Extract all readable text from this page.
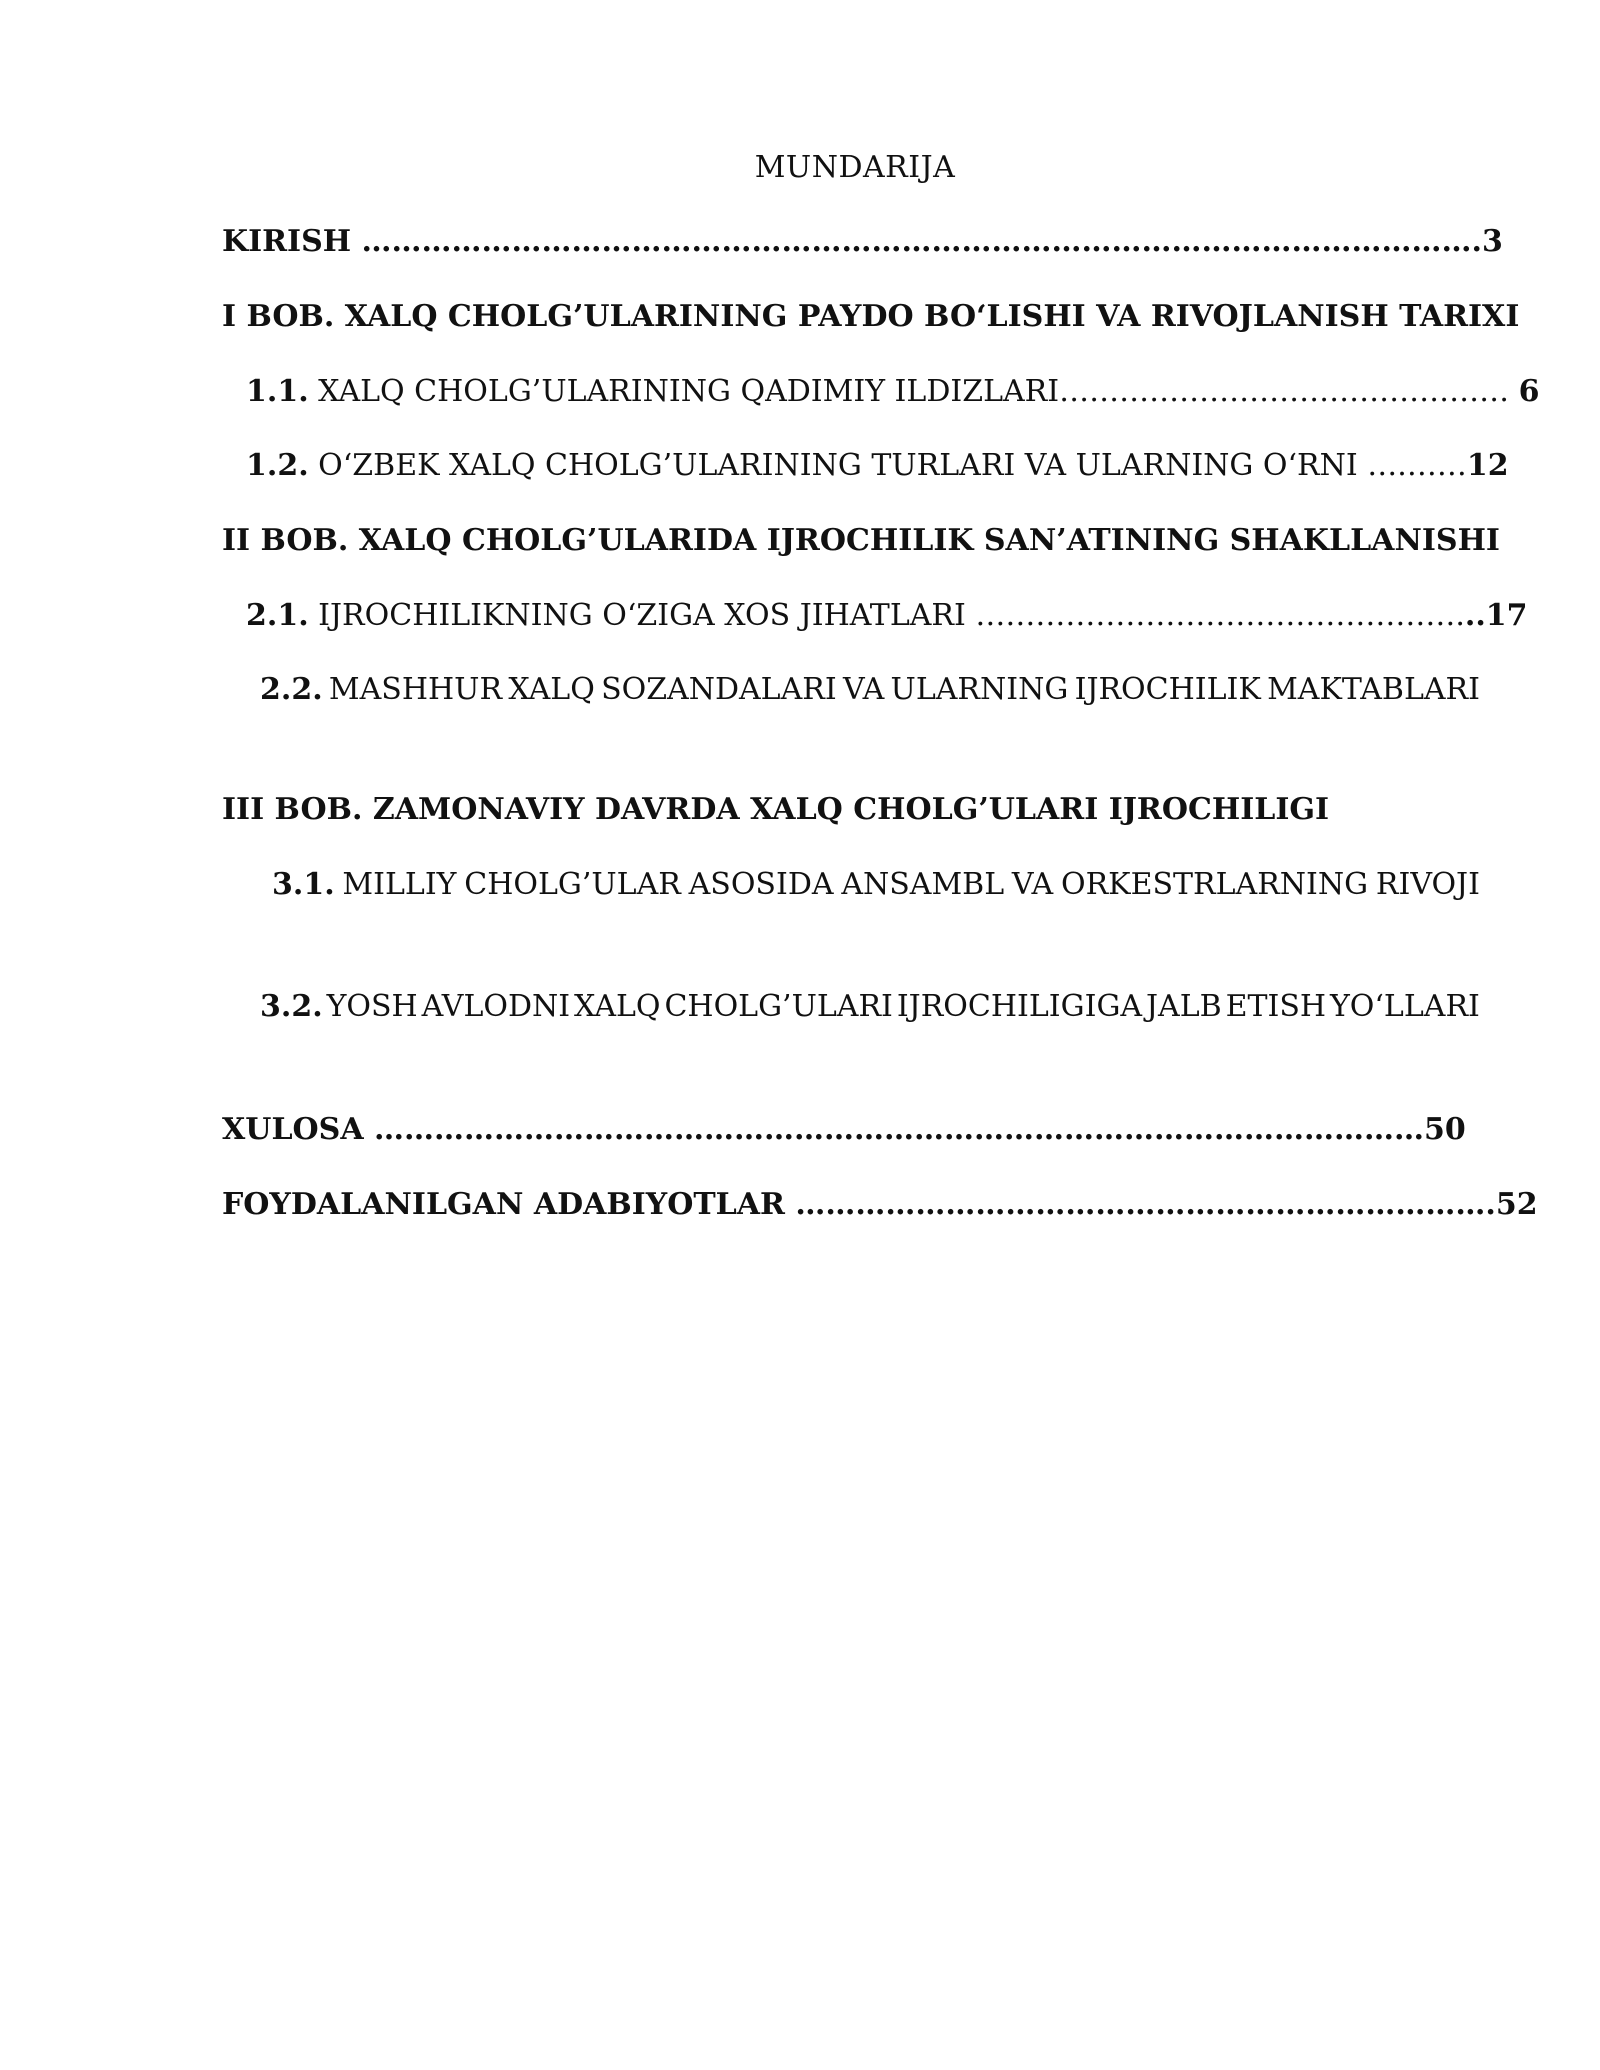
MUNDARIJA
KIRISH ………………………………………………………………………………………………….3
I BOB. XALQ CHOLG’ULARINING PAYDO BO‘LISHI VA RIVOJLANISH TARIXI
1.1. XALQ CHOLG’ULARINING QADIMIY ILDIZLARI……………………………………… 6
1.2. O‘ZBEK XALQ CHOLG’ULARINING TURLARI VA ULARNING O‘RNI ….……12
II BOB. XALQ CHOLG’ULARIDA IJROCHILIK SAN’ATINING SHAKLLANISHI
2.1. IJROCHILIKNING O‘ZIGA XOS JIHATLARI …………………………………………...17
2.2. MASHHUR XALQ SOZANDALARI VA ULARNING IJROCHILIK MAKTABLARI
III BOB. ZAMONAVIY DAVRDA XALQ CHOLG’ULARI IJROCHILIGI
3.1. MILLIY CHOLG’ULAR ASOSIDA ANSAMBL VA ORKESTRLARNING RIVOJI
3.2. YOSH AVLODNI XALQ CHOLG’ULARI IJROCHILIGIGA JALB ETISH YO‘LLARI
XULOSA ……………………………………………………………………………………………50
FOYDALANILGAN ADABIYOTLAR …………………………………………………………….52
